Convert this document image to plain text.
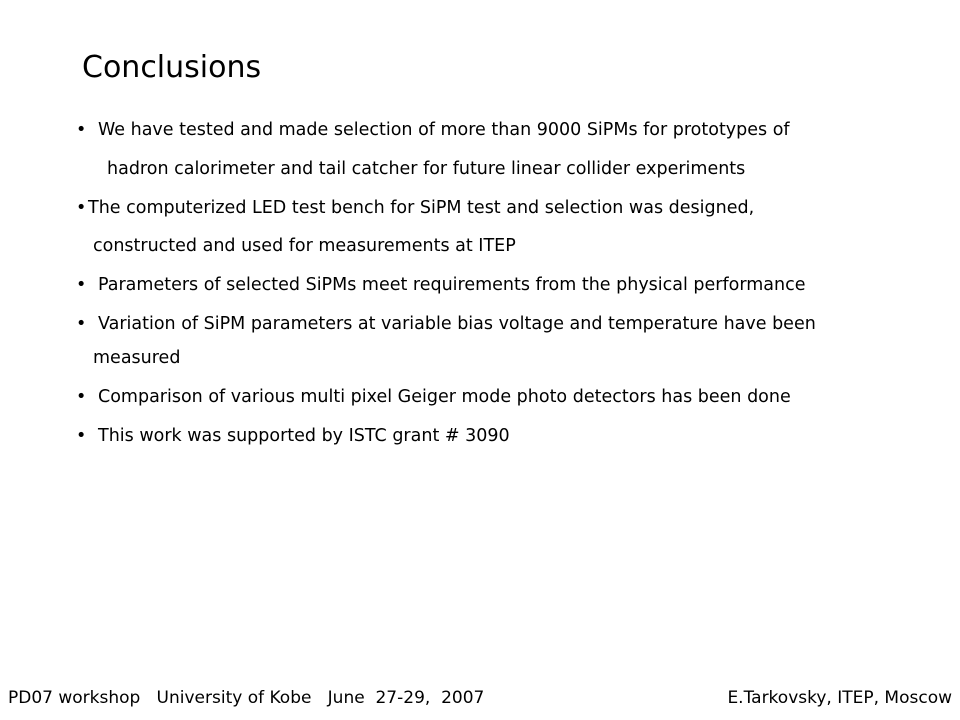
Conclusions
• We have tested and made selection of more than 9000 SiPMs for prototypes of
hadron calorimeter and tail catcher for future linear collider experiments
•The computerized LED test bench for SiPM test and selection was designed,
constructed and used for measurements at ITEP
• Parameters of selected SiPMs meet requirements from the physical performance
• Variation of SiPM parameters at variable bias voltage and temperature have been
measured
• Comparison of various multi pixel Geiger mode photo detectors has been done
• This work was supported by ISTC grant # 3090
PD07 workshop   University of Kobe   June  27-29,  2007	E.Tarkovsky, ITEP, Moscow
